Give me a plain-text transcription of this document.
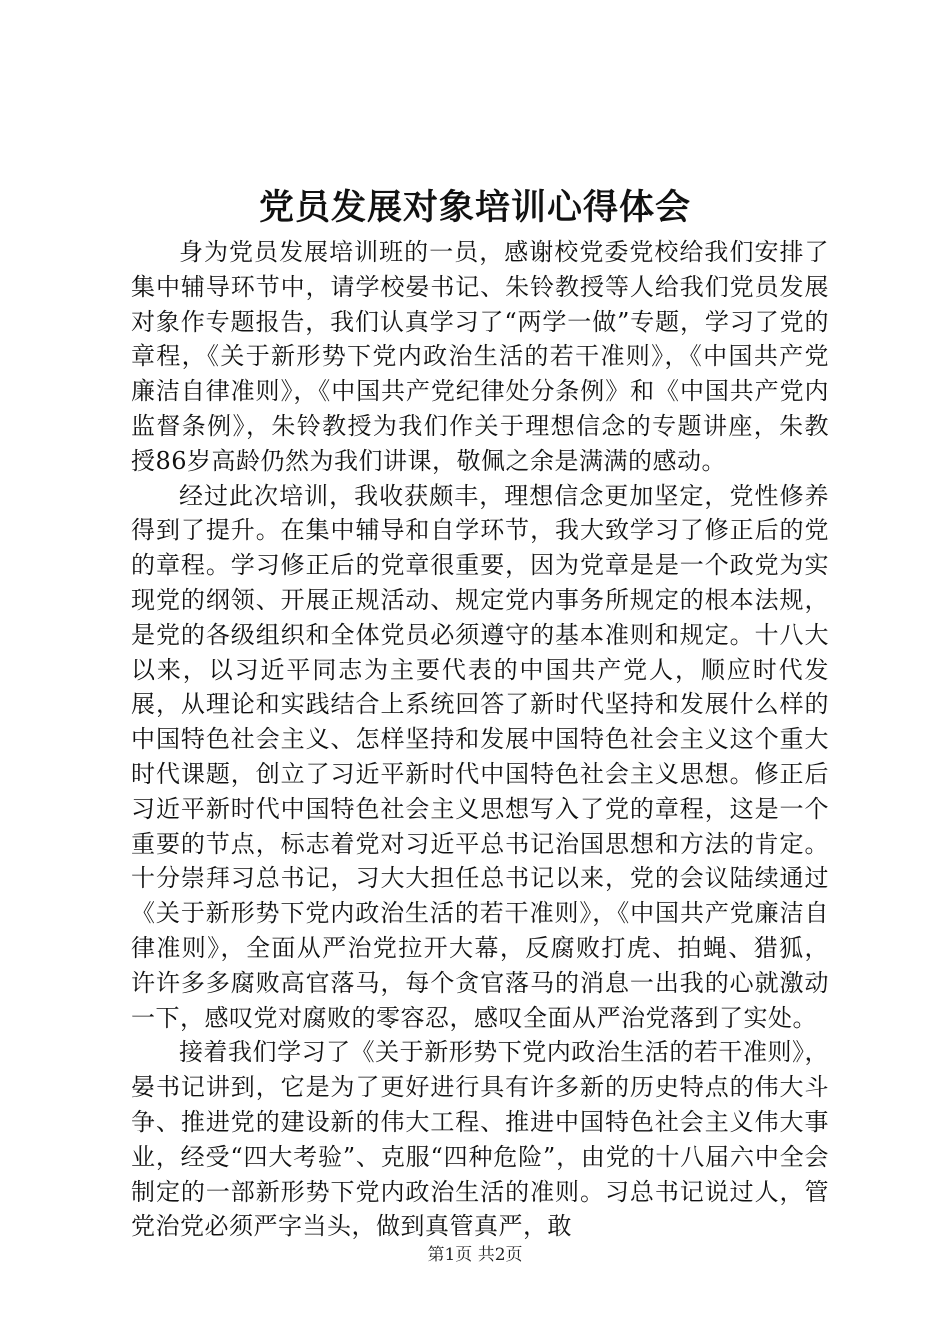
党员发展对象培训心得体会

身为党员发展培训班的一员，感谢校党委党校给我们安排了集中辅导环节中，请学校晏书记、朱铃教授等人给我们党员发展对象作专题报告，我们认真学习了“两学一做”专题，学习了党的章程，《关于新形势下党内政治生活的若干准则》，《中国共产党廉洁自律准则》，《中国共产党纪律处分条例》和《中国共产党内监督条例》，朱铃教授为我们作关于理想信念的专题讲座，朱教授86岁高龄仍然为我们讲课，敬佩之余是满满的感动。

经过此次培训，我收获颇丰，理想信念更加坚定，党性修养得到了提升。在集中辅导和自学环节，我大致学习了修正后的党的章程。学习修正后的党章很重要，因为党章是是一个政党为实现党的纲领、开展正规活动、规定党内事务所规定的根本法规，是党的各级组织和全体党员必须遵守的基本准则和规定。十八大以来，以习近平同志为主要代表的中国共产党人，顺应时代发展，从理论和实践结合上系统回答了新时代坚持和发展什么样的中国特色社会主义、怎样坚持和发展中国特色社会主义这个重大时代课题，创立了习近平新时代中国特色社会主义思想。修正后习近平新时代中国特色社会主义思想写入了党的章程，这是一个重要的节点，标志着党对习近平总书记治国思想和方法的肯定。十分崇拜习总书记，习大大担任总书记以来，党的会议陆续通过《关于新形势下党内政治生活的若干准则》，《中国共产党廉洁自律准则》，全面从严治党拉开大幕，反腐败打虎、拍蝇、猎狐，许许多多腐败高官落马，每个贪官落马的消息一出我的心就激动一下，感叹党对腐败的零容忍，感叹全面从严治党落到了实处。

接着我们学习了《关于新形势下党内政治生活的若干准则》，晏书记讲到，它是为了更好进行具有许多新的历史特点的伟大斗争、推进党的建设新的伟大工程、推进中国特色社会主义伟大事业，经受“四大考验”、克服“四种危险”，由党的十八届六中全会制定的一部新形势下党内政治生活的准则。习总书记说过人，管党治党必须严字当头，做到真管真严，敢

第1页 共2页
